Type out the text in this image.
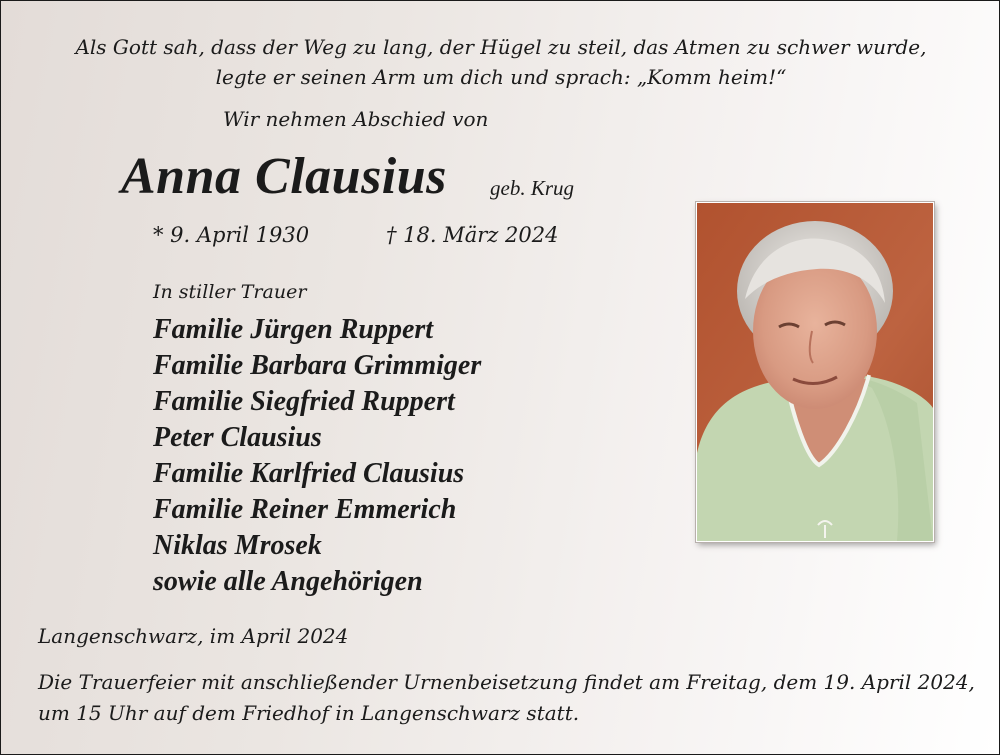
Als Gott sah, dass der Weg zu lang, der Hügel zu steil, das Atmen zu schwer wurde,
legte er seinen Arm um dich und sprach: „Komm heim!“
Wir nehmen Abschied von
Anna Clausius geb. Krug
* 9. April 1930	† 18. März 2024
In stiller Trauer
Familie Jürgen Ruppert
Familie Barbara Grimmiger
Familie Siegfried Ruppert
Peter Clausius
Familie Karlfried Clausius
Familie Reiner Emmerich
Niklas Mrosek
sowie alle Angehörigen
Langenschwarz, im April 2024
Die Trauerfeier mit anschließender Urnenbeisetzung findet am Freitag, dem 19. April 2024,
um 15 Uhr auf dem Friedhof in Langenschwarz statt.
